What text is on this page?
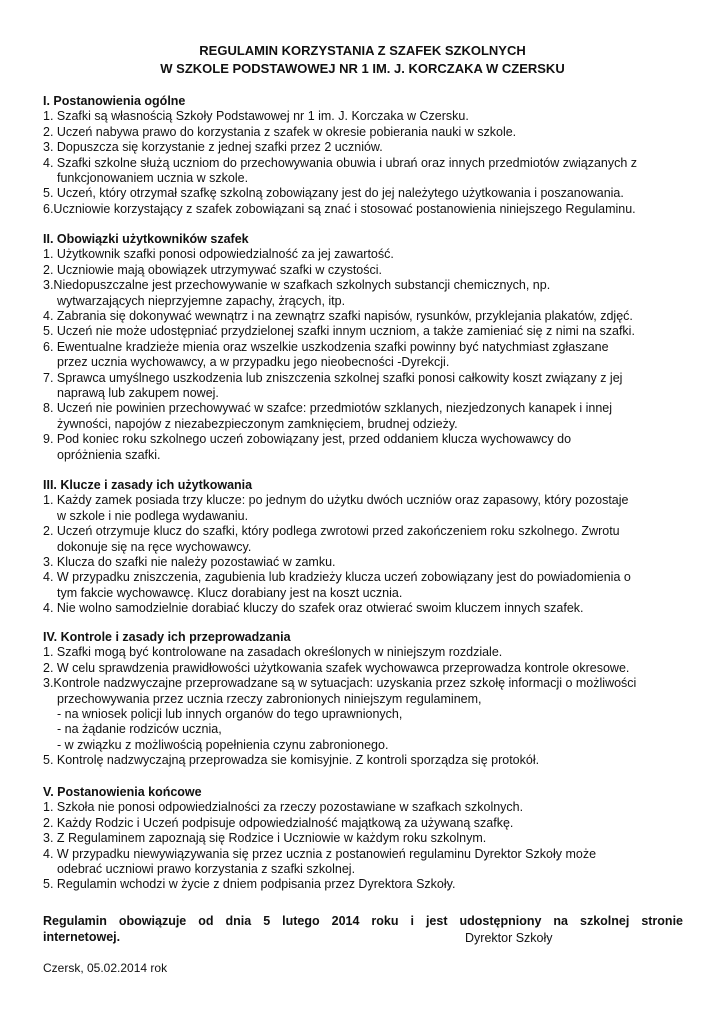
REGULAMIN KORZYSTANIA Z SZAFEK SZKOLNYCH
W SZKOLE PODSTAWOWEJ NR 1 IM. J. KORCZAKA W CZERSKU
I. Postanowienia ogólne
1. Szafki są własnością Szkoły Podstawowej nr 1 im. J. Korczaka w Czersku.
2. Uczeń nabywa prawo do korzystania z szafek w okresie pobierania nauki w szkole.
3. Dopuszcza się korzystanie z jednej szafki przez 2 uczniów.
4. Szafki szkolne służą uczniom do przechowywania obuwia i ubrań oraz innych przedmiotów związanych z
funkcjonowaniem ucznia w szkole.
5. Uczeń, który otrzymał szafkę szkolną zobowiązany jest do jej należytego użytkowania i poszanowania.
6.Uczniowie korzystający z szafek zobowiązani są znać i stosować postanowienia niniejszego Regulaminu.
II. Obowiązki użytkowników szafek
1. Użytkownik szafki ponosi odpowiedzialność za jej zawartość.
2. Uczniowie mają obowiązek utrzymywać szafki w czystości.
3.Niedopuszczalne jest przechowywanie w szafkach szkolnych substancji chemicznych, np.
wytwarzających nieprzyjemne zapachy, żrących, itp.
4. Zabrania się dokonywać wewnątrz i na zewnątrz szafki napisów, rysunków, przyklejania plakatów, zdjęć.
5. Uczeń nie może udostępniać przydzielonej szafki innym uczniom, a także zamieniać się z nimi na szafki.
6. Ewentualne kradzieże mienia oraz wszelkie uszkodzenia szafki powinny być natychmiast zgłaszane
przez ucznia wychowawcy, a w przypadku jego nieobecności -Dyrekcji.
7. Sprawca umyślnego uszkodzenia lub zniszczenia szkolnej szafki ponosi całkowity koszt związany z jej
naprawą lub zakupem nowej.
8. Uczeń nie powinien przechowywać w szafce: przedmiotów szklanych, niezjedzonych kanapek i innej
żywności, napojów z niezabezpieczonym zamknięciem, brudnej odzieży.
9. Pod koniec roku szkolnego uczeń zobowiązany jest, przed oddaniem klucza wychowawcy do
opróżnienia szafki.
III. Klucze i zasady ich użytkowania
1. Każdy zamek posiada trzy klucze: po jednym do użytku dwóch uczniów oraz zapasowy, który pozostaje
w szkole i nie podlega wydawaniu.
2. Uczeń otrzymuje klucz do szafki, który podlega zwrotowi przed zakończeniem roku szkolnego. Zwrotu
dokonuje się na ręce wychowawcy.
3. Klucza do szafki nie należy pozostawiać w zamku.
4. W przypadku zniszczenia, zagubienia lub kradzieży klucza uczeń zobowiązany jest do powiadomienia o
tym fakcie wychowawcę. Klucz dorabiany jest na koszt ucznia.
4. Nie wolno samodzielnie dorabiać kluczy do szafek oraz otwierać swoim kluczem innych szafek.
IV. Kontrole i zasady ich przeprowadzania
1. Szafki mogą być kontrolowane na zasadach określonych w niniejszym rozdziale.
2. W celu sprawdzenia prawidłowości użytkowania szafek wychowawca przeprowadza kontrole okresowe.
3.Kontrole nadzwyczajne przeprowadzane są w sytuacjach: uzyskania przez szkołę informacji o możliwości
przechowywania przez ucznia rzeczy zabronionych niniejszym regulaminem,
- na wniosek policji lub innych organów do tego uprawnionych,
- na żądanie rodziców ucznia,
- w związku z możliwością popełnienia czynu zabronionego.
5. Kontrolę nadzwyczajną przeprowadza sie komisyjnie. Z kontroli sporządza się protokół.
V. Postanowienia końcowe
1. Szkoła nie ponosi odpowiedzialności za rzeczy pozostawiane w szafkach szkolnych.
2. Każdy Rodzic i Uczeń podpisuje odpowiedzialność majątkową za używaną szafkę.
3. Z Regulaminem zapoznają się Rodzice i Uczniowie w każdym roku szkolnym.
4. W przypadku niewywiązywania się przez ucznia z postanowień regulaminu Dyrektor Szkoły może
odebrać uczniowi prawo korzystania z szafki szkolnej.
5. Regulamin wchodzi w życie z dniem podpisania przez Dyrektora Szkoły.
Regulamin obowiązuje od dnia 5 lutego 2014 roku i jest udostępniony na szkolnej stronie
internetowej.	Dyrektor Szkoły
Czersk, 05.02.2014 rok
